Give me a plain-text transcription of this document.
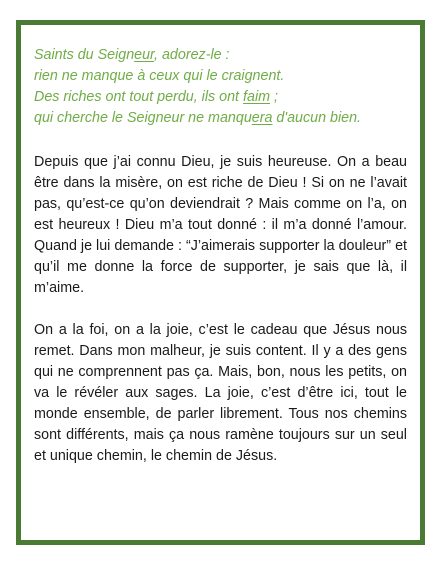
Saints du Seigneur, adorez-le :
rien ne manque à ceux qui le craignent.
Des riches ont tout perdu, ils ont faim ;
qui cherche le Seigneur ne manquera d'aucun bien.

Depuis que j’ai connu Dieu, je suis heureuse. On a beau être dans la misère, on est riche de Dieu ! Si on ne l’avait pas, qu’est-ce qu’on deviendrait ? Mais comme on l’a, on est heureux ! Dieu m’a tout donné : il m’a donné l’amour. Quand je lui demande : “J’aimerais supporter la douleur” et qu’il me donne la force de supporter, je sais que là, il m’aime.

On a la foi, on a la joie, c’est le cadeau que Jésus nous remet. Dans mon malheur, je suis content. Il y a des gens qui ne comprennent pas ça. Mais, bon, nous les petits, on va le révéler aux sages. La joie, c’est d’être ici, tout le monde ensemble, de parler librement. Tous nos chemins sont différents, mais ça nous ramène toujours sur un seul et unique chemin, le chemin de Jésus.
